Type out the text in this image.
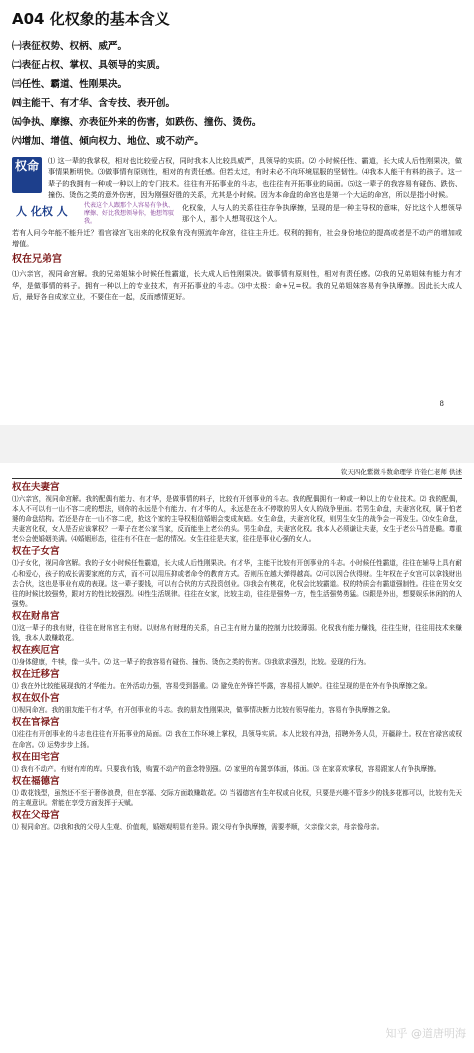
A04 化权象的基本含义
㈠表征权势、权柄、威严。
㈡表征占权、掌权、具领导的实质。
㈢任性、霸道、性刚果决。
㈣主能干、有才华、含专技、表开创。
㈤争执、摩擦、亦表征外来的伤害，如跌伤、撞伤、烫伤。
㈥增加、增值、倾向权力、地位、或不动产。
权命	⑴ 这一辈的我掌权，相对也比较爱占权，同时我本人比较具威严，具领导的实质。⑵ 小时候任性、霸道，长大成人后性刚果决，做事情果断明快。⑶做事情有原则性，相对的有责任感。但若太过，有时未必不向环境屈服的坚韧性。⑷我本人能干有料的孩子。这一辈子的我拥有一种或一种以上的专门技术。往往有开拓事业的斗志，也往往有开拓事业的局面。⑸这一辈子的我容易有碰伤、跌伤、撞伤、烫伤之类的意外伤害，因为刚强好胜的关系，尤其是小时候。因为本命盘的命宫也是第一个大运的命宫，所以是指小时候。
人 化权 人	代表这个人跟那个人容易有争执、摩擦、好比我想领导你，他想驾驭我。
化权象，人与人的关系往往存争执摩擦，呈现的是一种主导权的意味，好比这个人想领导那个人，那个人想驾驭这个人。
若有人问今年能不能升迁？看官禄宫飞出来的化权象有没有照流年命宫，往往主升迁。权利的拥有，社会身份地位的提高或者是不动产的增加或增值。
权在兄弟宫
⑴六亲宫，视同命宫解。我的兄弟姐妹小时候任性霸道，长大成人后性刚果决。做事情有原则性，相对有责任感。⑵我的兄弟姐妹有能力有才华，是做事情的料子。拥有一种以上的专业技术，有开拓事业的斗志。⑶中太极：命+兄=权。我的兄弟姐妹容易有争执摩擦。因此长大成人后，最好各自成家立业，不要住在一起，反而感情更好。
8
钦天四化紫微斗数命理学 许铨仁老师 供述
权在夫妻宫
⑴六亲宫，视同命宫解。我的配偶有能力、有才华，是做事情的料子，比较有开创事业的斗志。我的配偶拥有一种或一种以上的专业技术。⑵ 我的配偶，本人不可以有一山不容二虎的想法，则你的永远是个有能力、有才华的人，永远是在永不停歇的男人女人的战争里面。若男生命盘，夫妻宫化权，属于怕老婆的命盘结构。若还是存在一山不容二虎，抢这个家的主导权相信婚姻会变成灰暗。女生命盘，夫妻宫化权，则男生女生的战争会一再发生。⑶女生命盘，夫妻宫化权，女人是否应该掌权？一辈子在老公家当家，反而能坐上老公的头。男生命盘，夫妻宫化权。我本人必须谦让夫妻，女生于老公马首是瞻。尊重老公会使婚姻美满。⑷婚姻形态，往往有不住在一起的情况。女生往往是夫家，往往是事业心强的女人。
权在子女宫
⑴子女化，视同命宫解。我的子女小时候任性霸道，长大成人后性刚果决。有才华，主能干比较有开创事业的斗志。小时候任性霸道，往往在辅导上具有耐心和爱心，孩子的成长需要家庭的方式，而不可以用压抑或者命令的教育方式。否则压在越大弹得越高。⑵可以因合伙得财。生年权在子女宫可以拿钱财出去合伙，这也是事业有成的表现。这一辈子要钱，可以有合伙的方式投资创业。⑶我会有桃花，化权会比较霸道。权的特质会有霸道强制性。往往在男女交往的时候比较强势，跟对方的性比较强烈。⑷性生活规律。往往在女家，比较主动，往往是强势一方，性生活强势勇猛。⑸跟是外出，想要娱乐休闲的的人强势。
权在财帛宫
⑴这一辈子的我有财，往往在财帛宫主有财。以财帛有财理的关系，自己主有财力量的控制力比较薄弱。化权我有能力赚钱，往往生财，往往用技术来赚钱，我本人敢赚敢花。
权在疾厄宫
⑴身体健康，牛犊，像一头牛。⑵ 这一辈子的我容易有碰伤、撞伤、烫伤之类的伤害。⑶我欲求强烈，比较。爱现的行为。
权在迁移宫
⑴ 我在外比较能展现我的才华能力。在外活动力强，容易受到器重。⑵ 避免在外锋芒毕露，容易招人嫉妒。往往呈现的是在外有争执摩擦之象。
权在奴仆宫
⑴视同命宫。我的朋友能干有才华，有开创事业的斗志。我的朋友性刚果决，做事情决断力比较有领导能力，容易有争执摩擦之象。
权在官禄宫
⑴往往有开创事业的斗志也往往有开拓事业的局面。⑵ 我在工作环境上掌权，具领导实质。本人比较有冲劲，招聘外务人员，开疆辟土。权在官禄宫或权在命宫。⑶ 运势步步上扬。
权在田宅宫
⑴ 我有不动产。有财有库的库。只要我有钱，购置不动产的意念特别强。⑵ 家里的布置享体面，体面。⑶ 在家喜欢掌权，容易跟家人有争执摩擦。
权在福德宫
⑴ 敢花钱型，虽然还不至于奢侈浪费，但在享福、交际方面敢赚敢花。⑵ 当福德宫有生年权或自化权，只要是兴趣不管多少的钱多花都可以，比较有先天的主观意识。常能在享受方面发挥于天赋。
权在父母宫
⑴ 视同命宫。⑵我和我的父母人生观、价值观，婚姻观明显有差异。跟父母有争执摩擦，需要孝顺，父亲像父亲，母亲像母亲。
知乎 @道唐明海
